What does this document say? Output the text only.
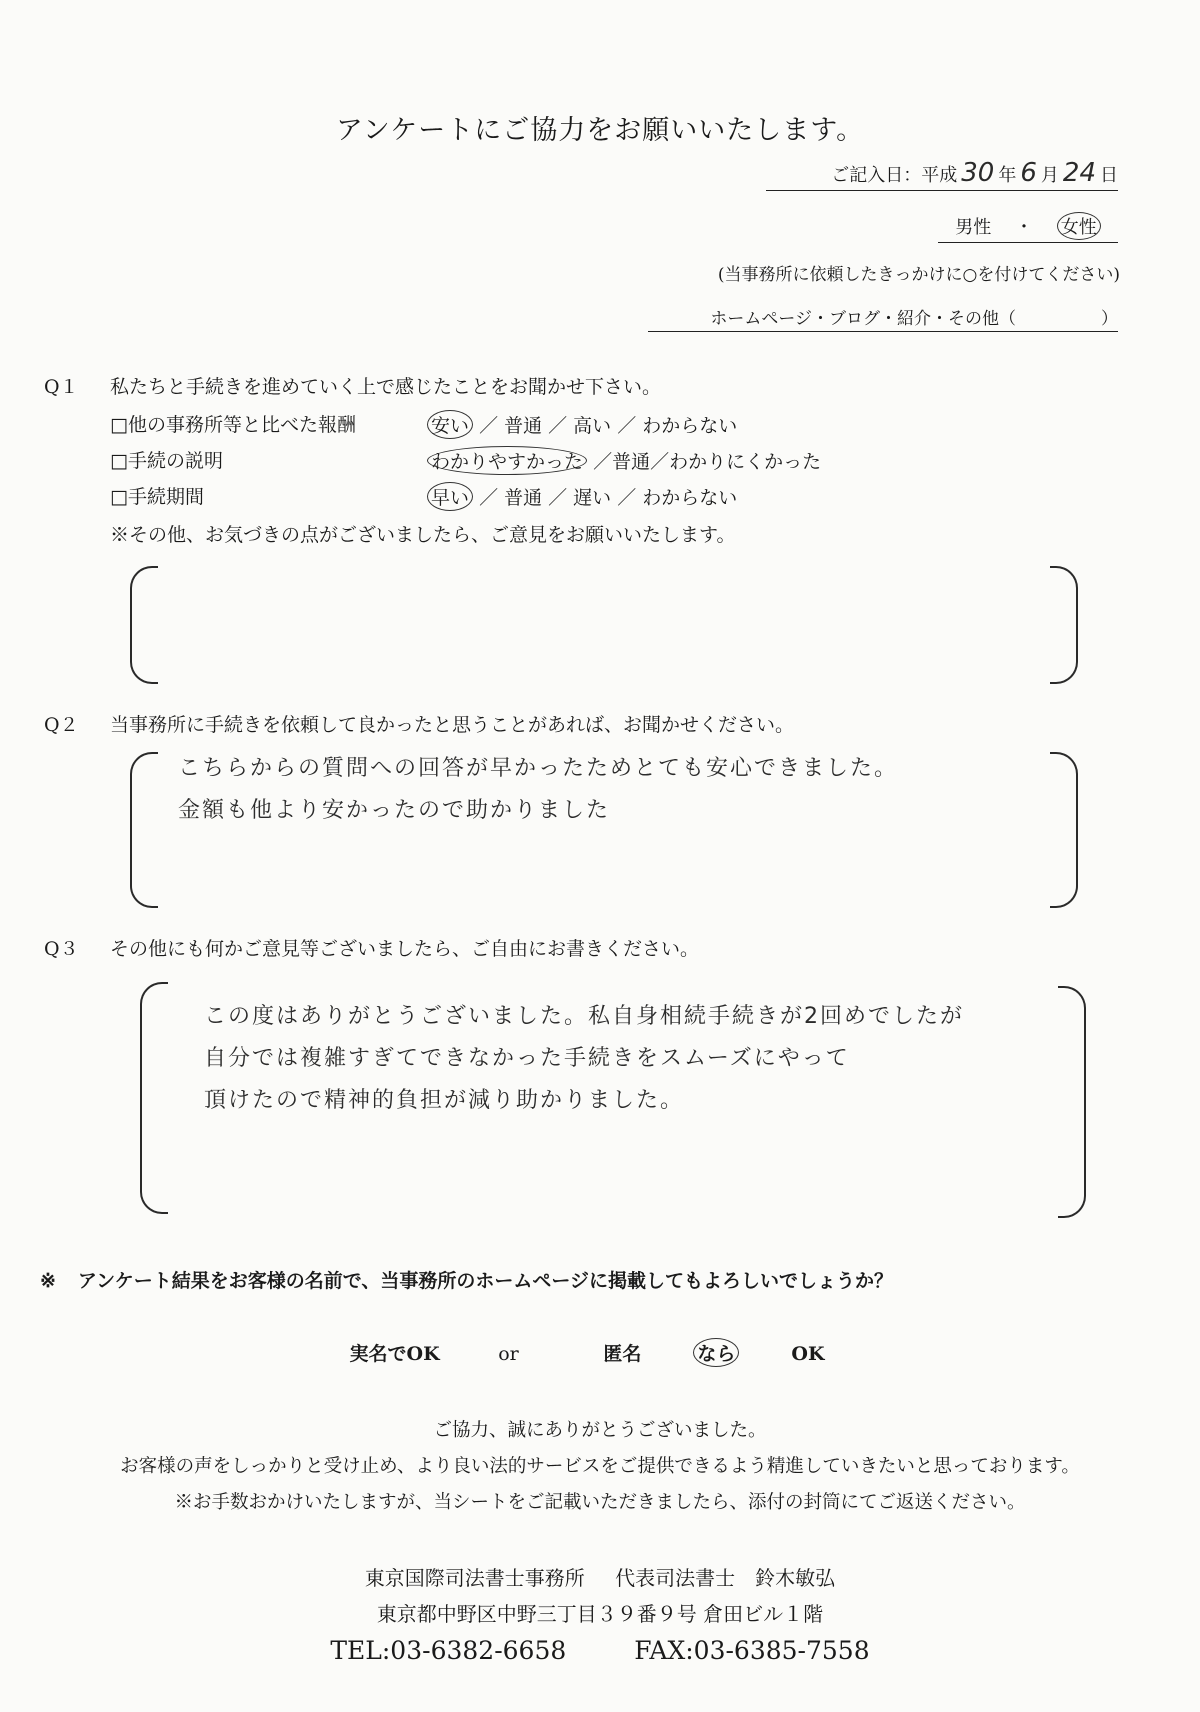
アンケートにご協力をお願いいたします。
ご記入日：平成 30 年 6 月 24 日
男性 ・ 女性
(当事務所に依頼したきっかけに○を付けてください)
ホームページ・ブログ・紹介・その他（　　　　　）
Q１ 私たちと手続きを進めていく上で感じたことをお聞かせ下さい。
□他の事務所等と比べた報酬	安い ／ 普通 ／ 高い ／ わからない
□手続の説明	わかりやすかった ／普通／わかりにくかった
□手続期間	早い ／ 普通 ／ 遅い ／ わからない
※その他、お気づきの点がございましたら、ご意見をお願いいたします。
Q２ 当事務所に手続きを依頼して良かったと思うことがあれば、お聞かせください。
こちらからの質問への回答が早かったためとても安心できました。
金額も他より安かったので助かりました
Q３ その他にも何かご意見等ございましたら、ご自由にお書きください。
この度はありがとうございました。私自身相続手続きが2回めでしたが
自分では複雑すぎてできなかった手続きをスムーズにやって
頂けたので精神的負担が減り助かりました。
※ アンケート結果をお客様の名前で、当事務所のホームページに掲載してもよろしいでしょうか？
実名でOK	or	匿名	なら	OK
ご協力、誠にありがとうございました。
お客様の声をしっかりと受け止め、より良い法的サービスをご提供できるよう精進していきたいと思っております。
※お手数おかけいたしますが、当シートをご記載いただきましたら、添付の封筒にてご返送ください。
東京国際司法書士事務所 代表司法書士　鈴木敏弘
東京都中野区中野三丁目３９番９号 倉田ビル１階
TEL:03-6382-6658	FAX:03-6385-7558
